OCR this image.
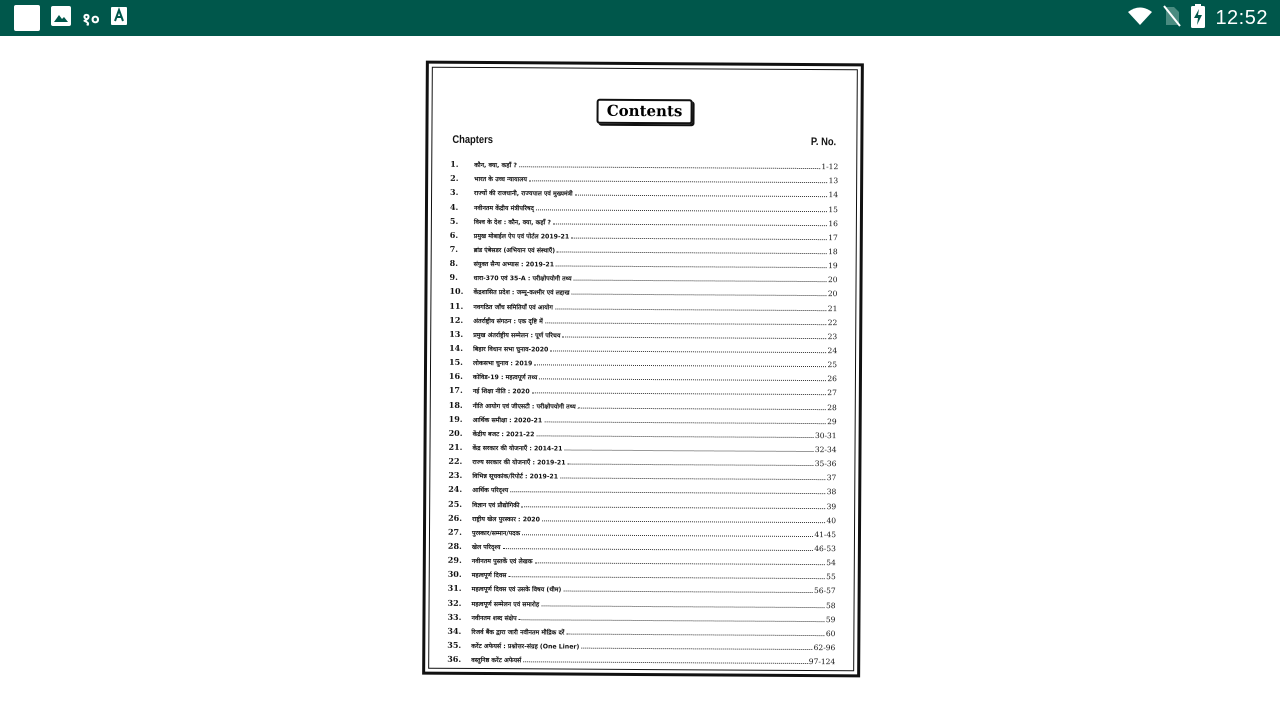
१०	12:52
Contents
Chapters	P. No.
1.	कौन, क्या, कहाँ ?	1-12
2.	भारत के उच्च न्यायालय	13
3.	राज्यों की राजधानी, राज्यपाल एवं मुख्यमंत्री	14
4.	नवीनतम केंद्रीय मंत्रीपरिषद्	15
5.	विश्व के देश : कौन, क्या, कहाँ ?	16
6.	प्रमुख मोबाईल ऐप एवं पोर्टल 2019-21	17
7.	ब्रांड एंबेसडर (अभियान एवं संस्थाएँ)	18
8.	संयुक्त सैन्य अभ्यास : 2019-21	19
9.	धारा-370 एवं 35-A : परीक्षोपयोगी तथ्य	20
10.	केंद्रशासित प्रदेश : जम्मू-कश्मीर एवं लद्दाख	20
11.	नवगठित जाँच समितियाँ एवं आयोग	21
12.	अंतर्राष्ट्रीय संगठन : एक दृष्टि में	22
13.	प्रमुख अंतर्राष्ट्रीय सम्मेलन : पूर्ण परिचय	23
14.	बिहार विधान सभा चुनाव-2020	24
15.	लोकसभा चुनाव : 2019	25
16.	कोविड-19 : महत्वपूर्ण तथ्य	26
17.	नई शिक्षा नीति : 2020	27
18.	नीति आयोग एवं जीएसटी : परीक्षोपयोगी तथ्य	28
19.	आर्थिक समीक्षा : 2020-21	29
20.	केंद्रीय बजट : 2021-22	30-31
21.	केंद्र सरकार की योजनाएँ : 2014-21	32-34
22.	राज्य सरकार की योजनाएँ : 2019-21	35-36
23.	विभिन्न सूचकांक/रिपोर्ट : 2019-21	37
24.	आर्थिक परिदृश्य	38
25.	विज्ञान एवं प्रौद्योगिकी	39
26.	राष्ट्रीय खेल पुरस्कार : 2020	40
27.	पुरस्कार/सम्मान/पदक	41-45
28.	खेल परिदृश्य	46-53
29.	नवीनतम पुस्तकें एवं लेखक	54
30.	महत्वपूर्ण दिवस	55
31.	महत्वपूर्ण दिवस एवं उसके विषय (थीम)	56-57
32.	महत्वपूर्ण सम्मेलन एवं समारोह	58
33.	नवीनतम शब्द संक्षेप	59
34.	रिजर्व बैंक द्वारा जारी नवीनतम मौद्रिक दरें	60
35.	करेंट अफेयर्स : प्रश्नोत्तर-संग्रह (One Liner)	62-96
36.	वस्तुनिष्ठ करेंट अफेयर्स	97-124
